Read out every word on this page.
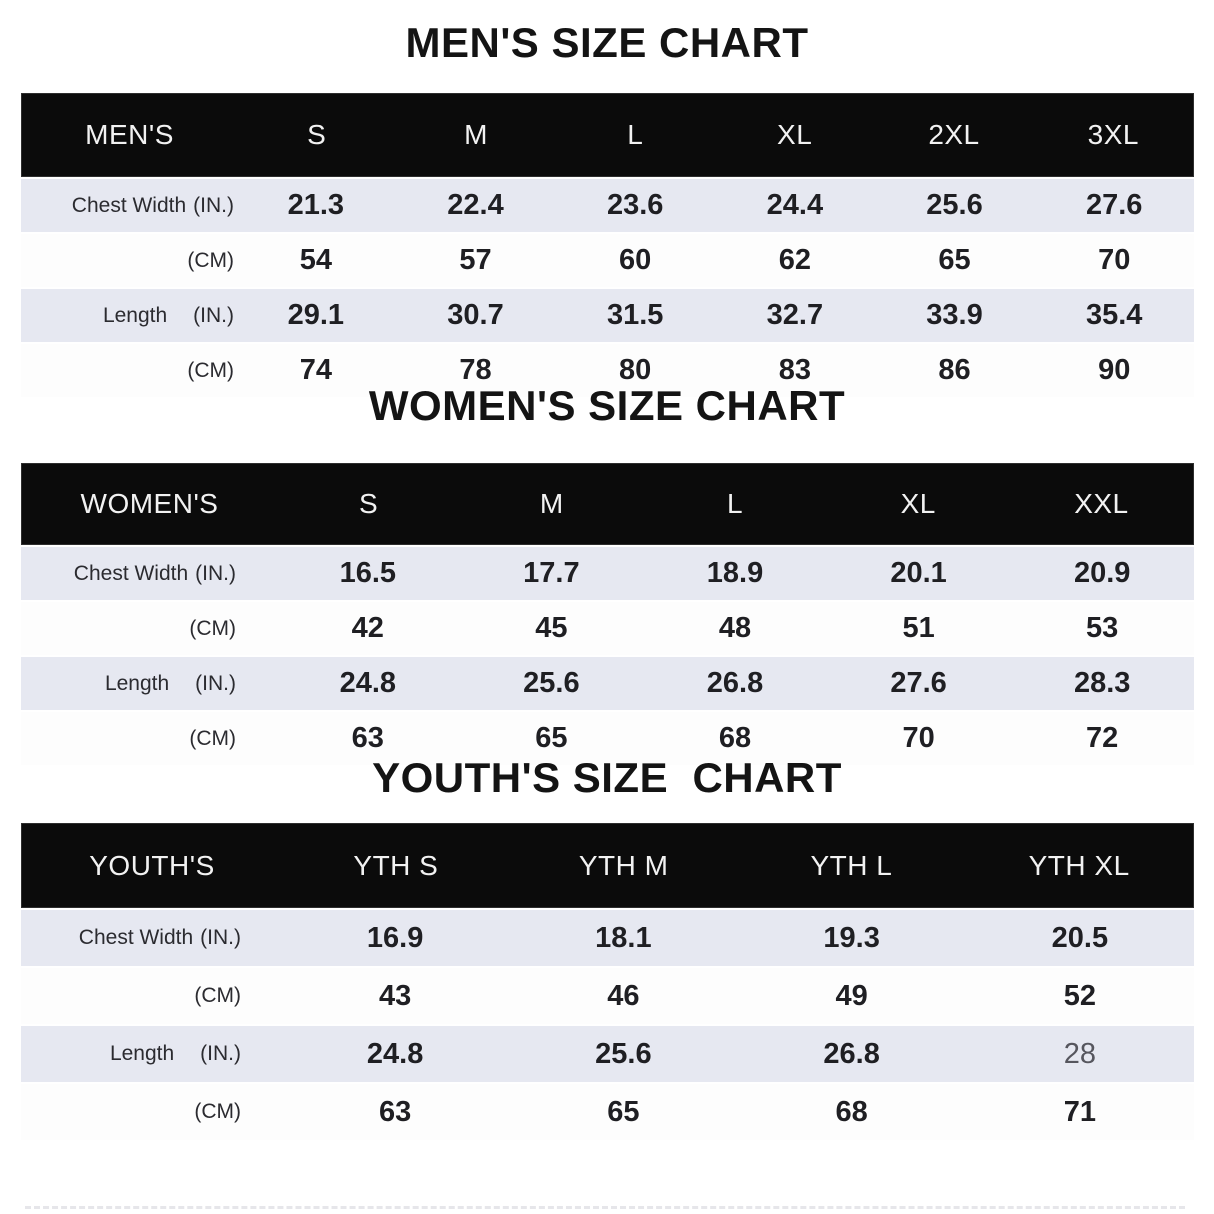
MEN'S SIZE CHART
MEN'S	S	M	L	XL	2XL	3XL
Chest Width (IN.)	21.3	22.4	23.6	24.4	25.6	27.6
(CM)	54	57	60	62	65	70
Length (IN.)	29.1	30.7	31.5	32.7	33.9	35.4
(CM)	74	78	80	83	86	90
WOMEN'S SIZE CHART
WOMEN'S	S	M	L	XL	XXL
Chest Width (IN.)	16.5	17.7	18.9	20.1	20.9
(CM)	42	45	48	51	53
Length (IN.)	24.8	25.6	26.8	27.6	28.3
(CM)	63	65	68	70	72
YOUTH'S SIZE  CHART
YOUTH'S	YTH S	YTH M	YTH L	YTH XL
Chest Width (IN.)	16.9	18.1	19.3	20.5
(CM)	43	46	49	52
Length (IN.)	24.8	25.6	26.8	28
(CM)	63	65	68	71
